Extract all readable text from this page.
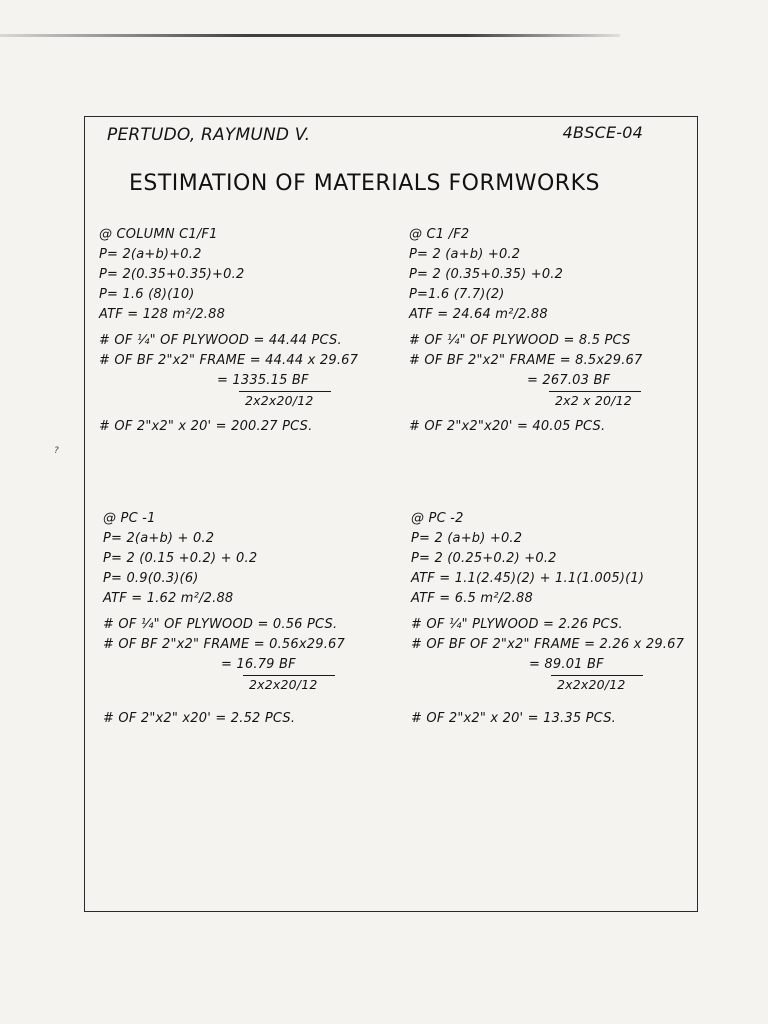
?
PERTUDO, RAYMUND V.	4BSCE-04
ESTIMATION OF MATERIALS FORMWORKS
@ COLUMN C1/F1
P= 2(a+b)+0.2
P= 2(0.35+0.35)+0.2
P= 1.6 (8)(10)
ATF = 128 m²/2.88
# OF ¼" OF PLYWOOD = 44.44 PCS.
# OF BF 2"x2" FRAME = 44.44 x 29.67
= 1335.15 BF
2x2x20/12
# OF 2"x2" x 20' = 200.27 PCS.
@ C1 /F2
P= 2 (a+b) +0.2
P= 2 (0.35+0.35) +0.2
P=1.6 (7.7)(2)
ATF = 24.64 m²/2.88
# OF ¼" OF PLYWOOD = 8.5 PCS
# OF BF 2"x2" FRAME = 8.5x29.67
= 267.03 BF
2x2 x 20/12
# OF 2"x2"x20' = 40.05 PCS.
@ PC -1
P= 2(a+b) + 0.2
P= 2 (0.15 +0.2) + 0.2
P= 0.9(0.3)(6)
ATF = 1.62 m²/2.88
# OF ¼" OF PLYWOOD = 0.56 PCS.
# OF BF 2"x2" FRAME = 0.56x29.67
= 16.79 BF
2x2x20/12
# OF 2"x2" x20' = 2.52 PCS.
@ PC -2
P= 2 (a+b) +0.2
P= 2 (0.25+0.2) +0.2
ATF = 1.1(2.45)(2) + 1.1(1.005)(1)
ATF = 6.5 m²/2.88
# OF ¼" PLYWOOD = 2.26 PCS.
# OF BF OF 2"x2" FRAME = 2.26 x 29.67
= 89.01 BF
2x2x20/12
# OF 2"x2" x 20' = 13.35 PCS.
